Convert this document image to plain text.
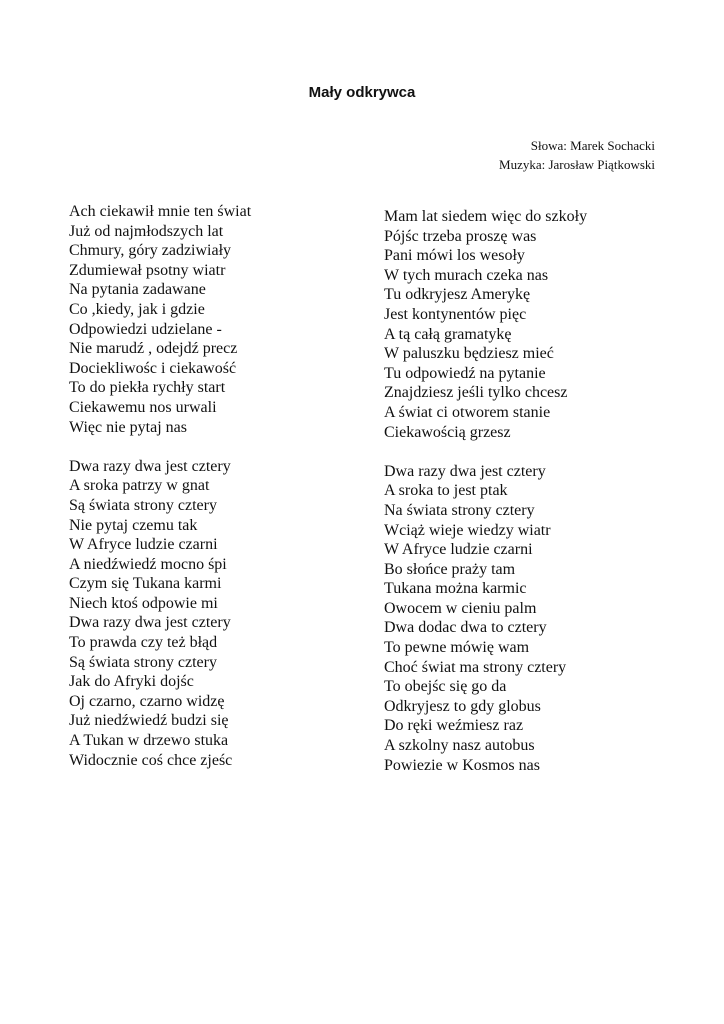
Mały odkrywca
Słowa: Marek Sochacki
Muzyka: Jarosław Piątkowski
Ach ciekawił mnie ten świat
Już od najmłodszych lat
Chmury, góry zadziwiały
Zdumiewał psotny wiatr
Na pytania zadawane
Co ,kiedy, jak i gdzie
Odpowiedzi udzielane -
Nie marudź , odejdź precz
Dociekliwośc i ciekawość
To do piekła rychły start
Ciekawemu nos urwali
Więc nie pytaj nas
Dwa razy dwa jest cztery
A sroka patrzy w gnat
Są świata strony cztery
Nie pytaj czemu tak
W Afryce ludzie czarni
A niedźwiedź mocno śpi
Czym się Tukana karmi
Niech ktoś odpowie mi
Dwa razy dwa jest cztery
To prawda czy też błąd
Są świata strony cztery
Jak do Afryki dojśc
Oj czarno, czarno widzę
Już niedźwiedź budzi się
A Tukan w drzewo stuka
Widocznie coś chce zjeśc
Mam lat siedem więc do szkoły
Pójśc trzeba proszę was
Pani mówi los wesoły
W tych murach czeka nas
Tu odkryjesz Amerykę
Jest kontynentów pięc
A tą całą gramatykę
W paluszku będziesz mieć
Tu odpowiedź na pytanie
Znajdziesz jeśli tylko chcesz
A świat ci otworem stanie
Ciekawością grzesz
Dwa razy dwa jest cztery
A sroka to jest ptak
Na świata strony cztery
Wciąż wieje wiedzy wiatr
W Afryce ludzie czarni
Bo słońce praży tam
Tukana można karmic
Owocem w cieniu palm
Dwa dodac dwa to cztery
To pewne mówię wam
Choć świat ma strony cztery
To obejśc się go da
Odkryjesz to gdy globus
Do ręki weźmiesz raz
A szkolny nasz autobus
Powiezie w Kosmos nas
